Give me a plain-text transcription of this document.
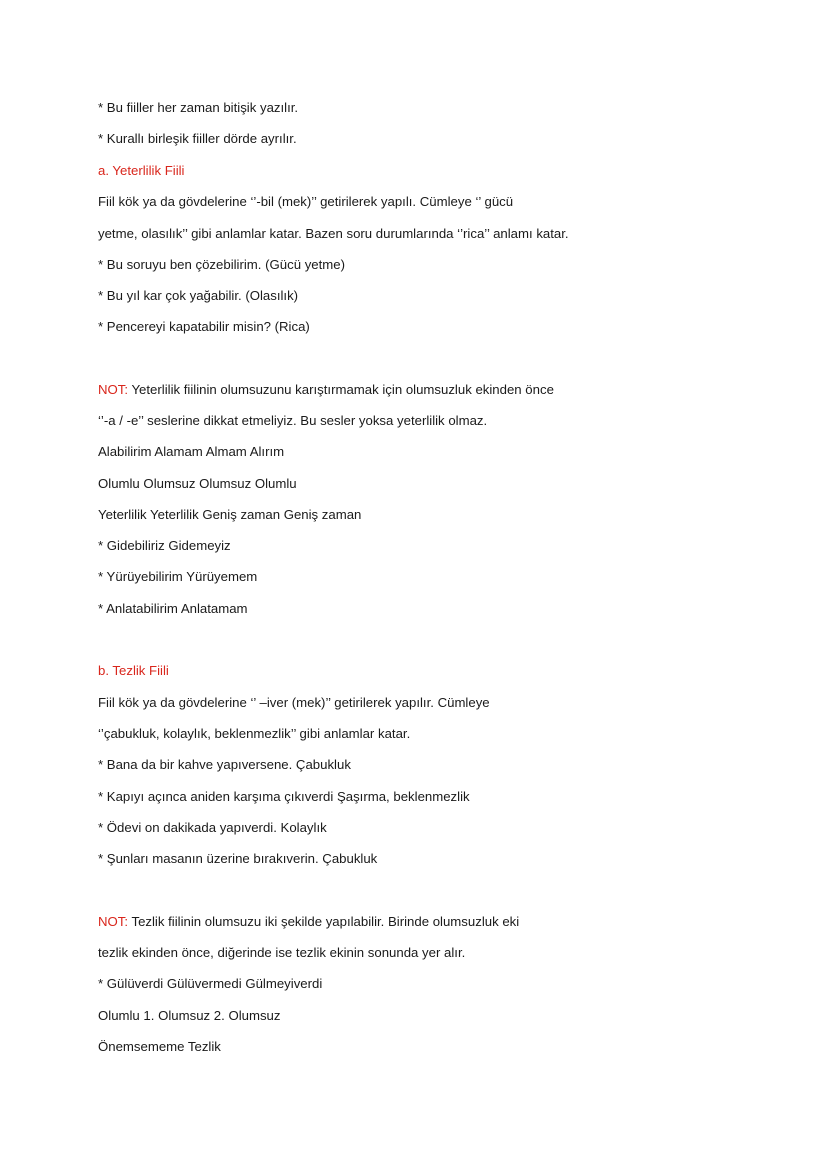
* Bu fiiller her zaman bitişik yazılır.
* Kurallı birleşik fiiller dörde ayrılır.
a. Yeterlilik Fiili
Fiil kök ya da gövdelerine ‘’-bil (mek)’’ getirilerek yapılı. Cümleye ‘’ gücü
yetme, olasılık’’ gibi anlamlar katar. Bazen soru durumlarında ‘’rica’’ anlamı katar.
* Bu soruyu ben çözebilirim. (Gücü yetme)
* Bu yıl kar çok yağabilir. (Olasılık)
* Pencereyi kapatabilir misin? (Rica)
NOT: Yeterlilik fiilinin olumsuzunu karıştırmamak için olumsuzluk ekinden önce
‘’-a / -e’’ seslerine dikkat etmeliyiz. Bu sesler yoksa yeterlilik olmaz.
Alabilirim Alamam Almam Alırım
Olumlu Olumsuz Olumsuz Olumlu
Yeterlilik Yeterlilik Geniş zaman Geniş zaman
* Gidebiliriz Gidemeyiz
* Yürüyebilirim Yürüyemem
* Anlatabilirim Anlatamam
b. Tezlik Fiili
Fiil kök ya da gövdelerine ‘’ –iver (mek)’’ getirilerek yapılır. Cümleye
‘’çabukluk, kolaylık, beklenmezlik’’ gibi anlamlar katar.
* Bana da bir kahve yapıversene. Çabukluk
* Kapıyı açınca aniden karşıma çıkıverdi Şaşırma, beklenmezlik
* Ödevi on dakikada yapıverdi. Kolaylık
* Şunları masanın üzerine bırakıverin. Çabukluk
NOT: Tezlik fiilinin olumsuzu iki şekilde yapılabilir. Birinde olumsuzluk eki
tezlik ekinden önce, diğerinde ise tezlik ekinin sonunda yer alır.
* Gülüverdi Gülüvermedi Gülmeyiverdi
Olumlu 1. Olumsuz 2. Olumsuz
Önemsememe Tezlik
